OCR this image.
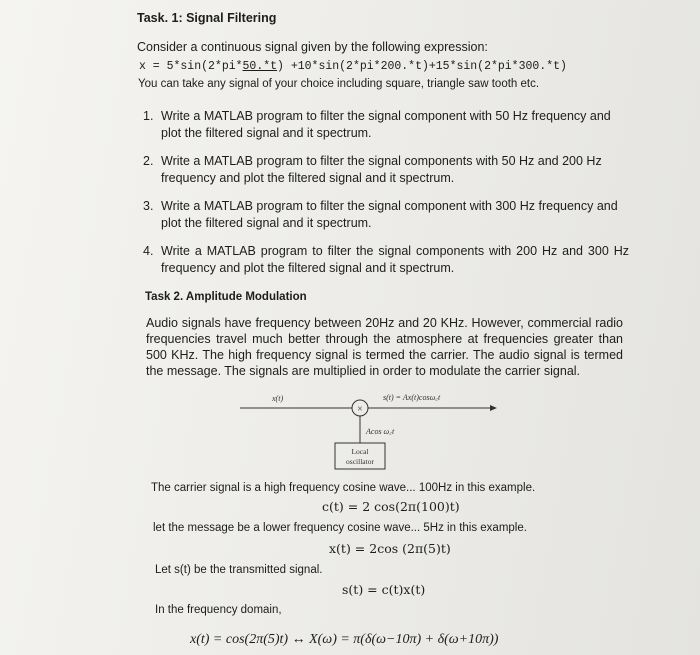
Task. 1: Signal Filtering
Consider a continuous signal given by the following expression:
x = 5*sin(2*pi*50.*t) +10*sin(2*pi*200.*t)+15*sin(2*pi*300.*t)
You can take any signal of your choice including square, triangle saw tooth etc.
1. Write a MATLAB program to filter the signal component with 50 Hz frequency and plot the filtered signal and it spectrum.
2. Write a MATLAB program to filter the signal components with 50 Hz and 200 Hz frequency and plot the filtered signal and it spectrum.
3. Write a MATLAB program to filter the signal component with 300 Hz frequency and plot the filtered signal and it spectrum.
4. Write a MATLAB program to filter the signal components with 200 Hz and 300 Hz frequency and plot the filtered signal and it spectrum.
Task 2. Amplitude Modulation
Audio signals have frequency between 20Hz and 20 KHz. However, commercial radio frequencies travel much better through the atmosphere at frequencies greater than 500 KHz. The high frequency signal is termed the carrier. The audio signal is termed the message. The signals are multiplied in order to modulate the carrier signal.
×
x(t)	s(t) = Ax(t)cosω꜀t
Acos ω꜀t
Local
oscillator
The carrier signal is a high frequency cosine wave... 100Hz in this example.
c(t) = 2 cos(2π(100)t)
let the message be a lower frequency cosine wave... 5Hz in this example.
x(t) = 2cos (2π(5)t)
Let s(t) be the transmitted signal.
s(t) = c(t)x(t)
In the frequency domain,
x(t) = cos(2π(5)t) ↔ X(ω) = π(δ(ω−10π) + δ(ω+10π))
